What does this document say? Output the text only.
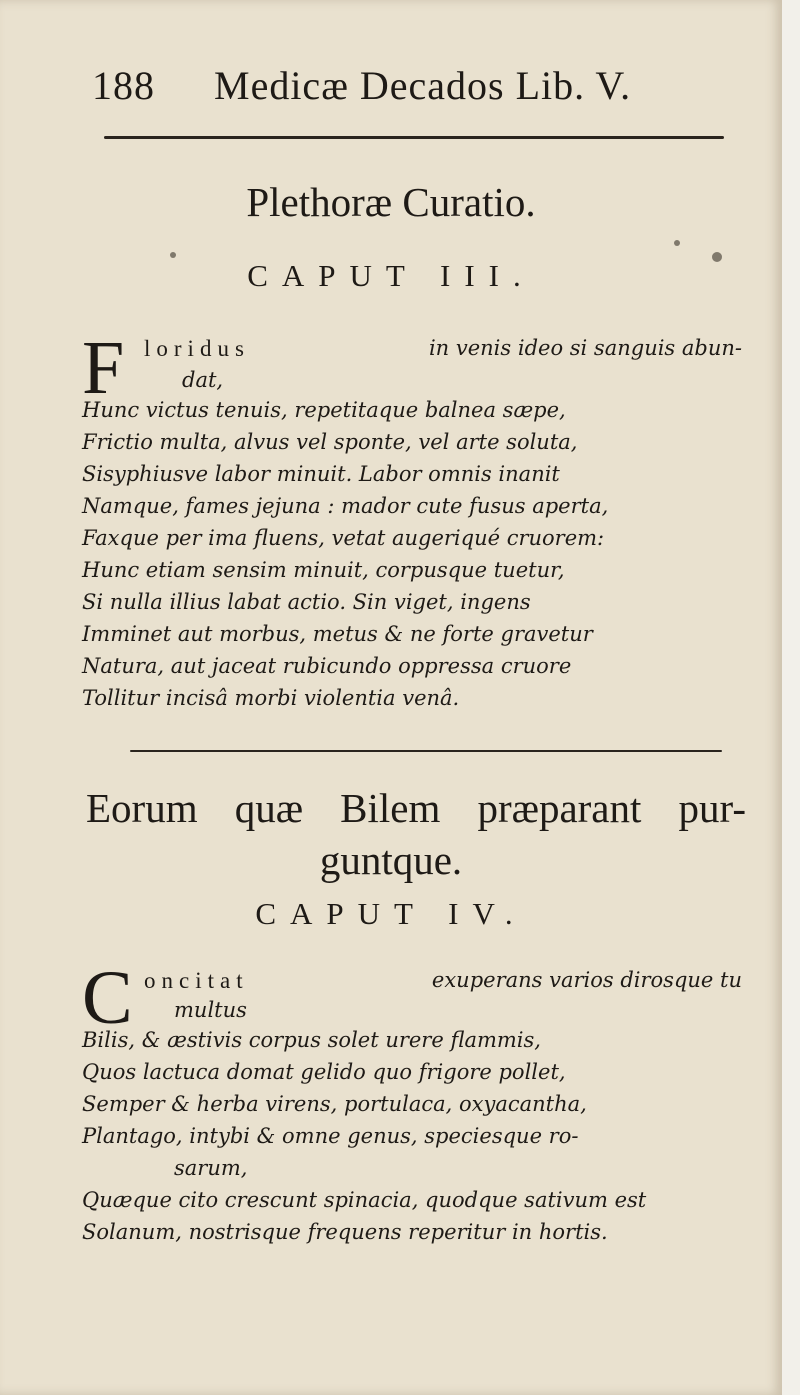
188 Medicæ Decados Lib. V.
Plethoræ Curatio.
CAPUT III.
F loridus	in venis ideo si sanguis abun-
dat,
Hunc victus tenuis, repetitaque balnea sæpe,
Frictio multa, alvus vel sponte, vel arte soluta,
Sisyphiusve labor minuit. Labor omnis inanit
Namque, fames jejuna : mador cute fusus aperta,
Faxque per ima fluens, vetat augeriqué cruorem:
Hunc etiam sensim minuit, corpusque tuetur,
Si nulla illius labat actio. Sin viget, ingens
Imminet aut morbus, metus & ne forte gravetur
Natura, aut jaceat rubicundo oppressa cruore
Tollitur incisâ morbi violentia venâ.
Eorum quæ Bilem præparant pur-
guntque.
CAPUT IV.
C oncitat	exuperans varios dirosque tu
multus
Bilis, & æstivis corpus solet urere flammis,
Quos lactuca domat gelido quo frigore pollet,
Semper & herba virens, portulaca, oxyacantha,
Plantago, intybi & omne genus, speciesque ro-
sarum,
Quæque cito crescunt spinacia, quodque sativum est
Solanum, nostrisque frequens reperitur in hortis.
